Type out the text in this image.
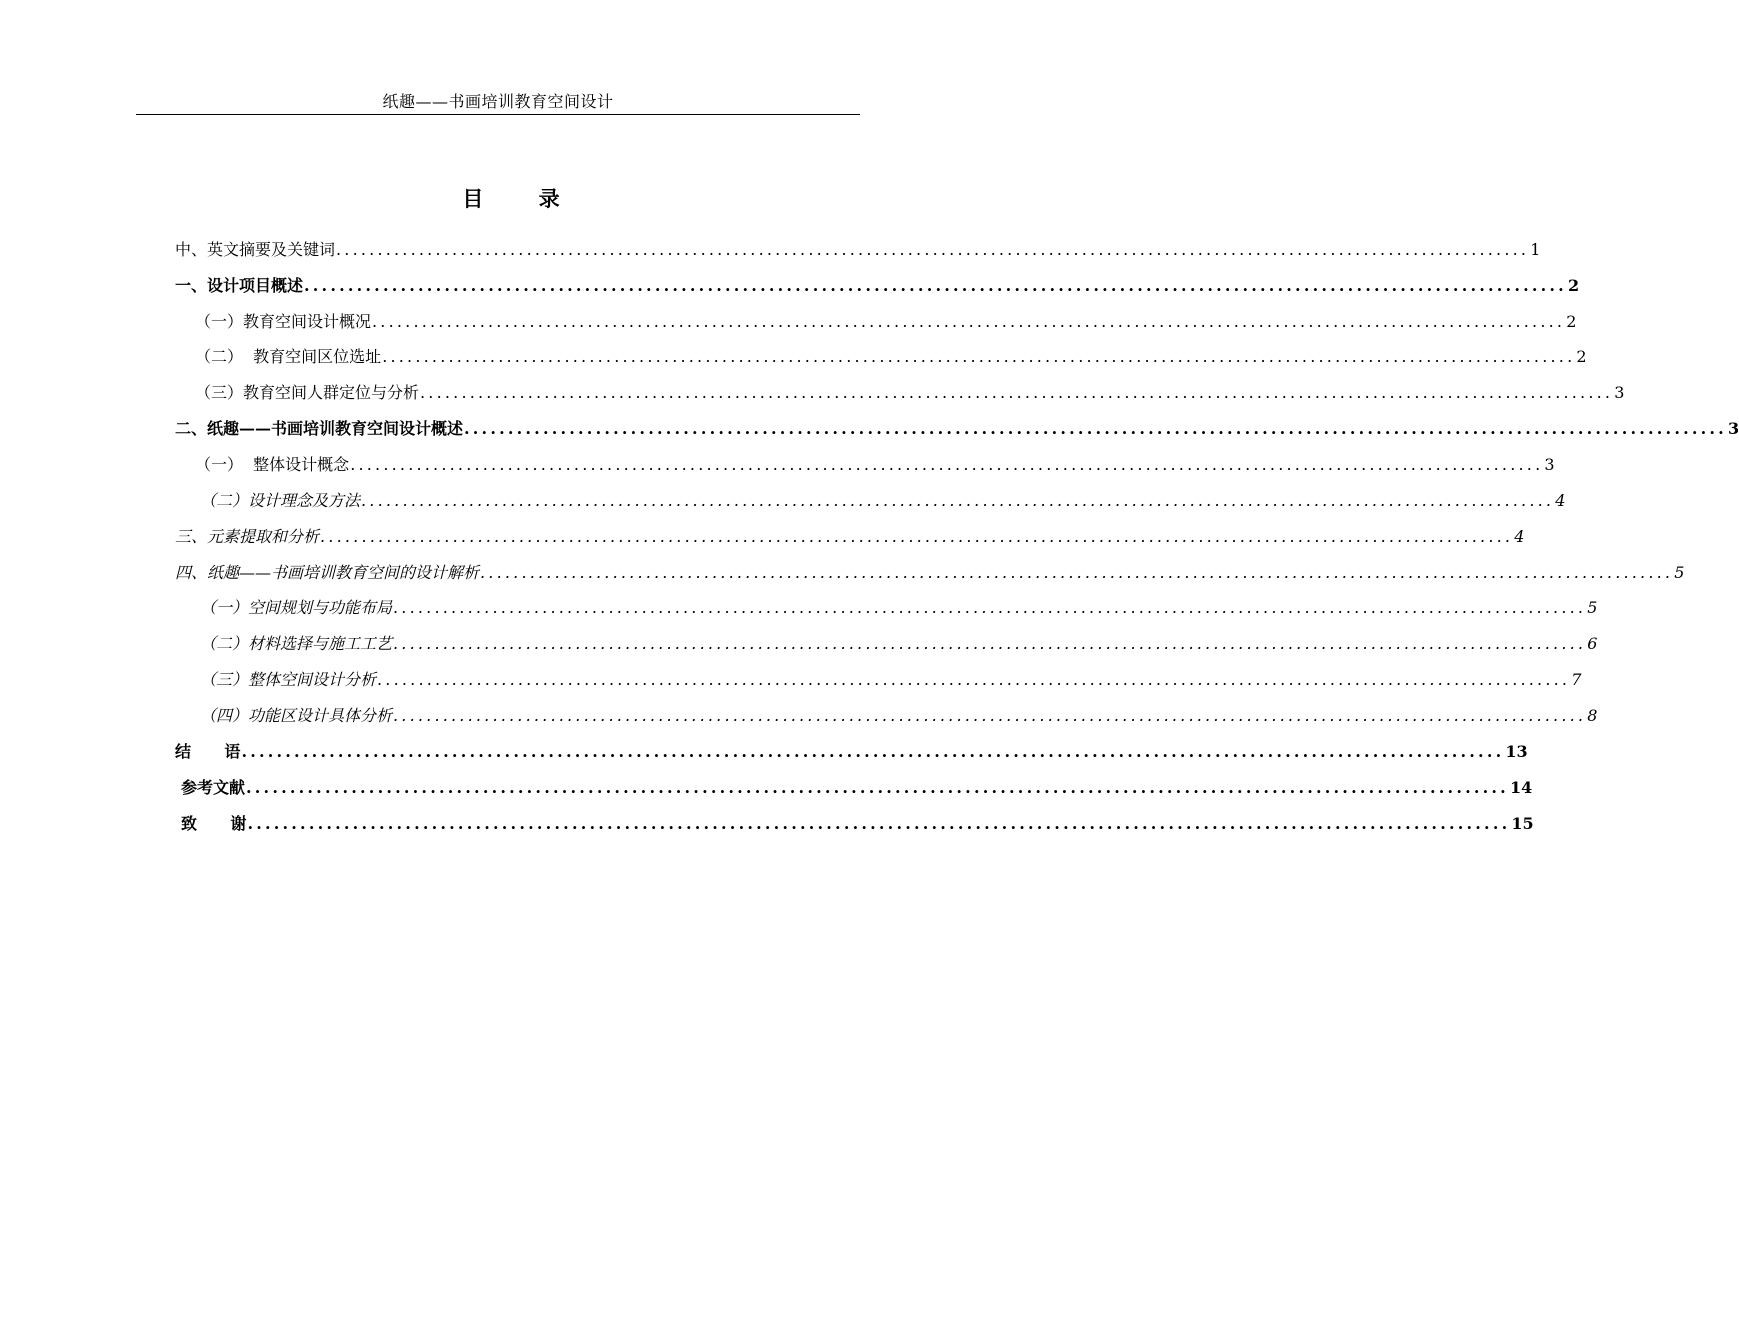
纸趣——书画培训教育空间设计
目 录
中、英文摘要及关键词 ................................................................................................................................................ 1
一、设计项目概述 ................................................................................................................................................ 2
（一）教育空间设计概况 ................................................................................................................................................ 2
（二）  教育空间区位选址 ................................................................................................................................................ 2
（三）教育空间人群定位与分析 ................................................................................................................................................ 3
二、纸趣——书画培训教育空间设计概述 ................................................................................................................................................ 3
（一）  整体设计概念 ................................................................................................................................................ 3
（二）设计理念及方法 ................................................................................................................................................ 4
三、元素提取和分析 ................................................................................................................................................ 4
四、纸趣——书画培训教育空间的设计解析 ................................................................................................................................................ 5
（一）空间规划与功能布局 ................................................................................................................................................ 5
（二）材料选择与施工工艺 ................................................................................................................................................ 6
（三）整体空间设计分析 ................................................................................................................................................ 7
（四）功能区设计具体分析 ................................................................................................................................................ 8
结      语 ................................................................................................................................................ 13
参考文献 ................................................................................................................................................ 14
致      谢 ................................................................................................................................................ 15
